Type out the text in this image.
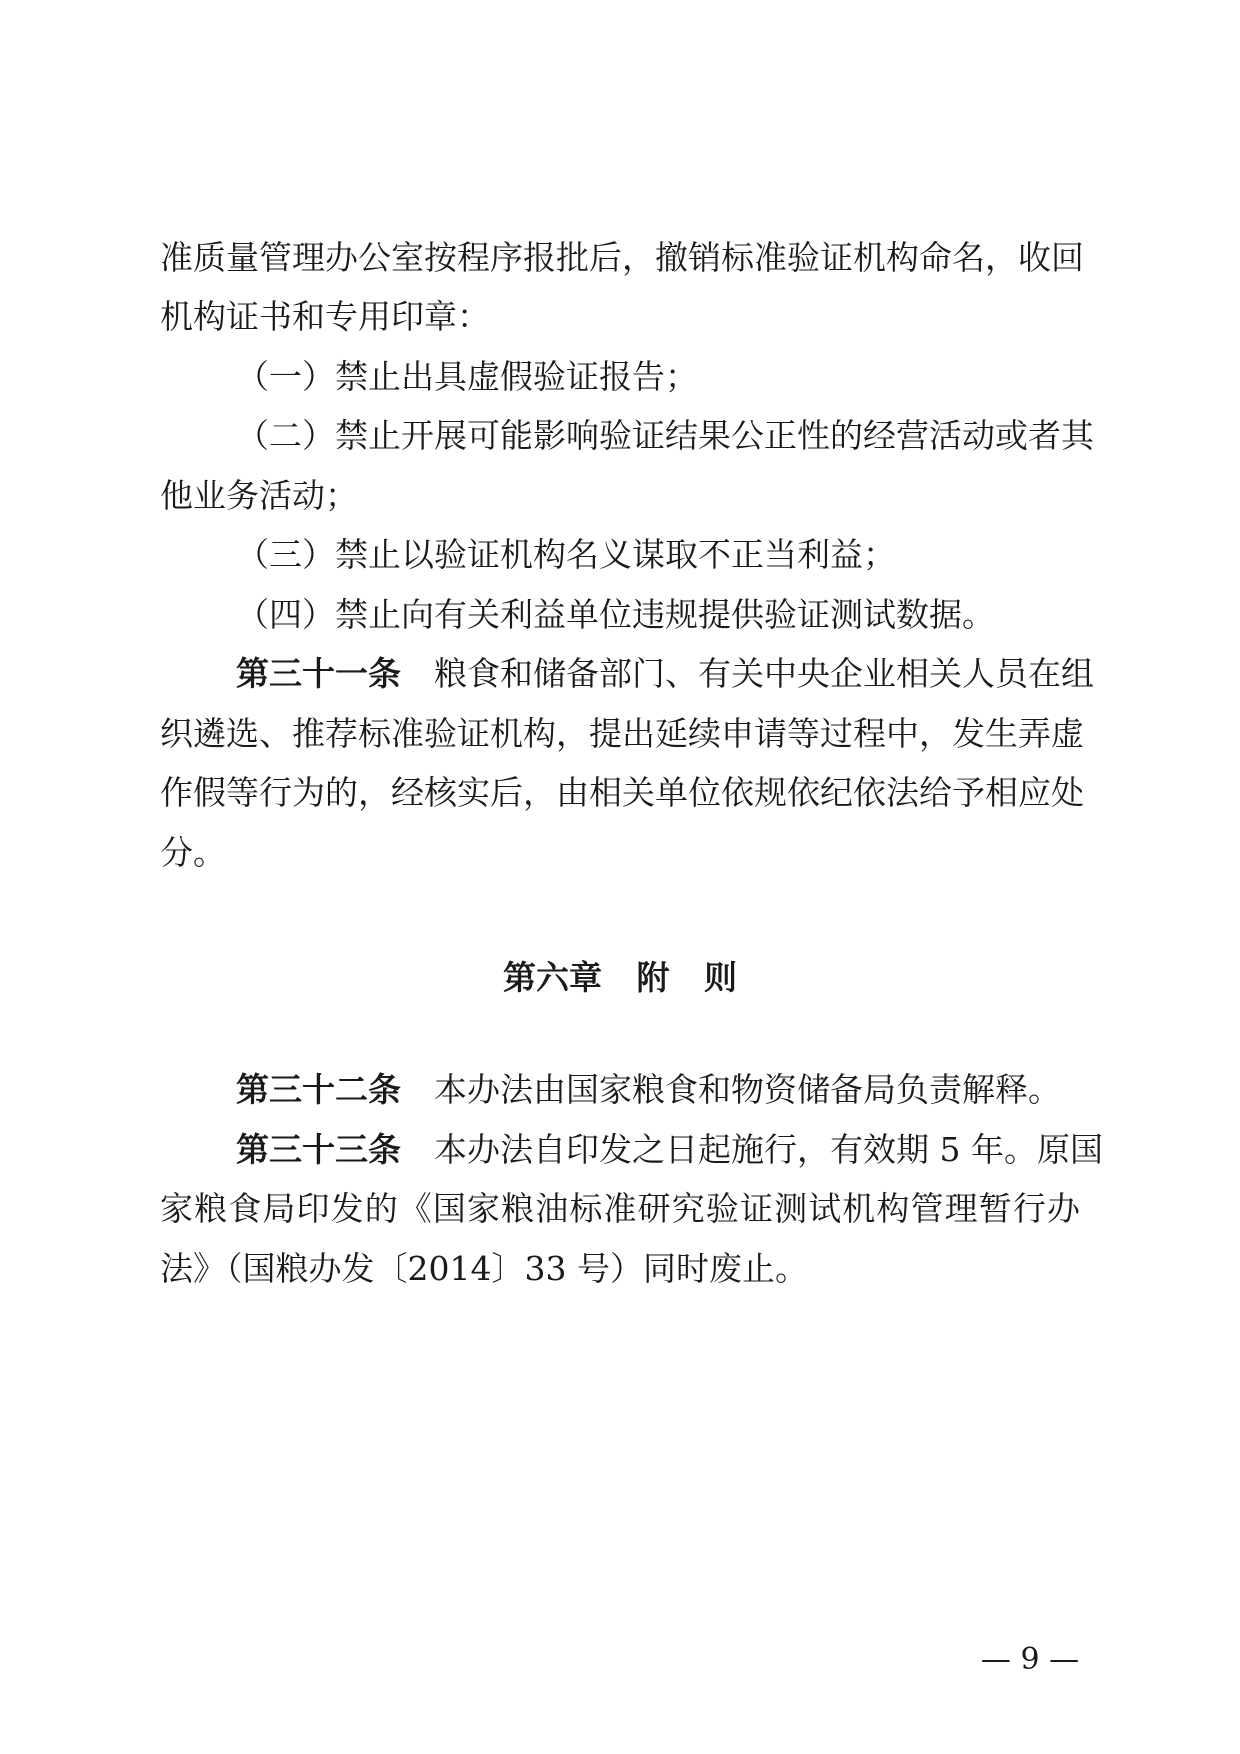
准质量管理办公室按程序报批后，撤销标准验证机构命名，收回
机构证书和专用印章：
（一）禁止出具虚假验证报告；
（二）禁止开展可能影响验证结果公正性的经营活动或者其
他业务活动；
（三）禁止以验证机构名义谋取不正当利益；
（四）禁止向有关利益单位违规提供验证测试数据。
第三十一条　 粮食和储备部门、有关中央企业相关人员在组
织遴选、推荐标准验证机构，提出延续申请等过程中，发生弄虚
作假等行为的，经核实后，由相关单位依规依纪依法给予相应处
分。
第六章   附   则
第三十二条　 本办法由国家粮食和物资储备局负责解释。
第三十三条　 本办法自印发之日起施行，有效期 5 年。原国
家粮食局印发的《国家粮油标准研究验证测试机构管理暂行办
法》（国粮办发〔2014〕33 号）同时废止。
— 9 —
